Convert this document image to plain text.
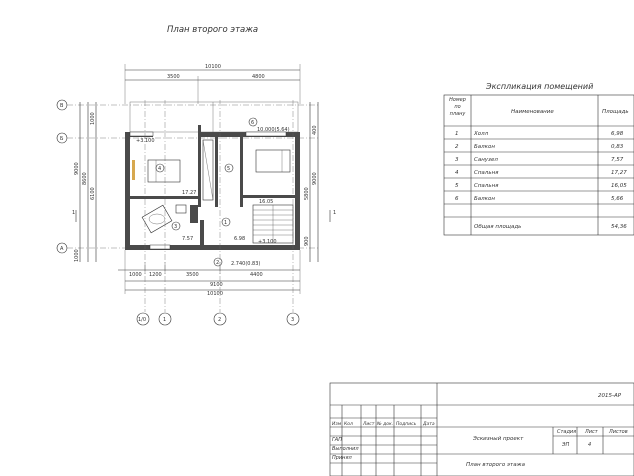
План второго этажа
10100
3500	4800
В
Б
А
9000
8600
6100
1000
1000
9000
5800
400
900
6
4	5
3
1
2
17.27
16.05
7.57	6.98
+3.100
+3.100
10.000(5.64)
2.740(0.83)
1	1
1000 1200	3500	4400
9100
10100
1/0	1	2	3
Экспликация помещений
Номер по плану	Наименование	Площадь
1	Холл	6,98
2	Балкон	0,83
3	Санузел	7,57
4	Спальня	17,27
5	Спальня	16,05
6	Балкон	5,66
Общая площадь	54,36
2015-АР
Изм Кол Лист № док. Подпись Дата
ГАП
Выполнил
Принял
Эскизный проект
Стадия Лист Листов
ЭП	4
План второго этажа
